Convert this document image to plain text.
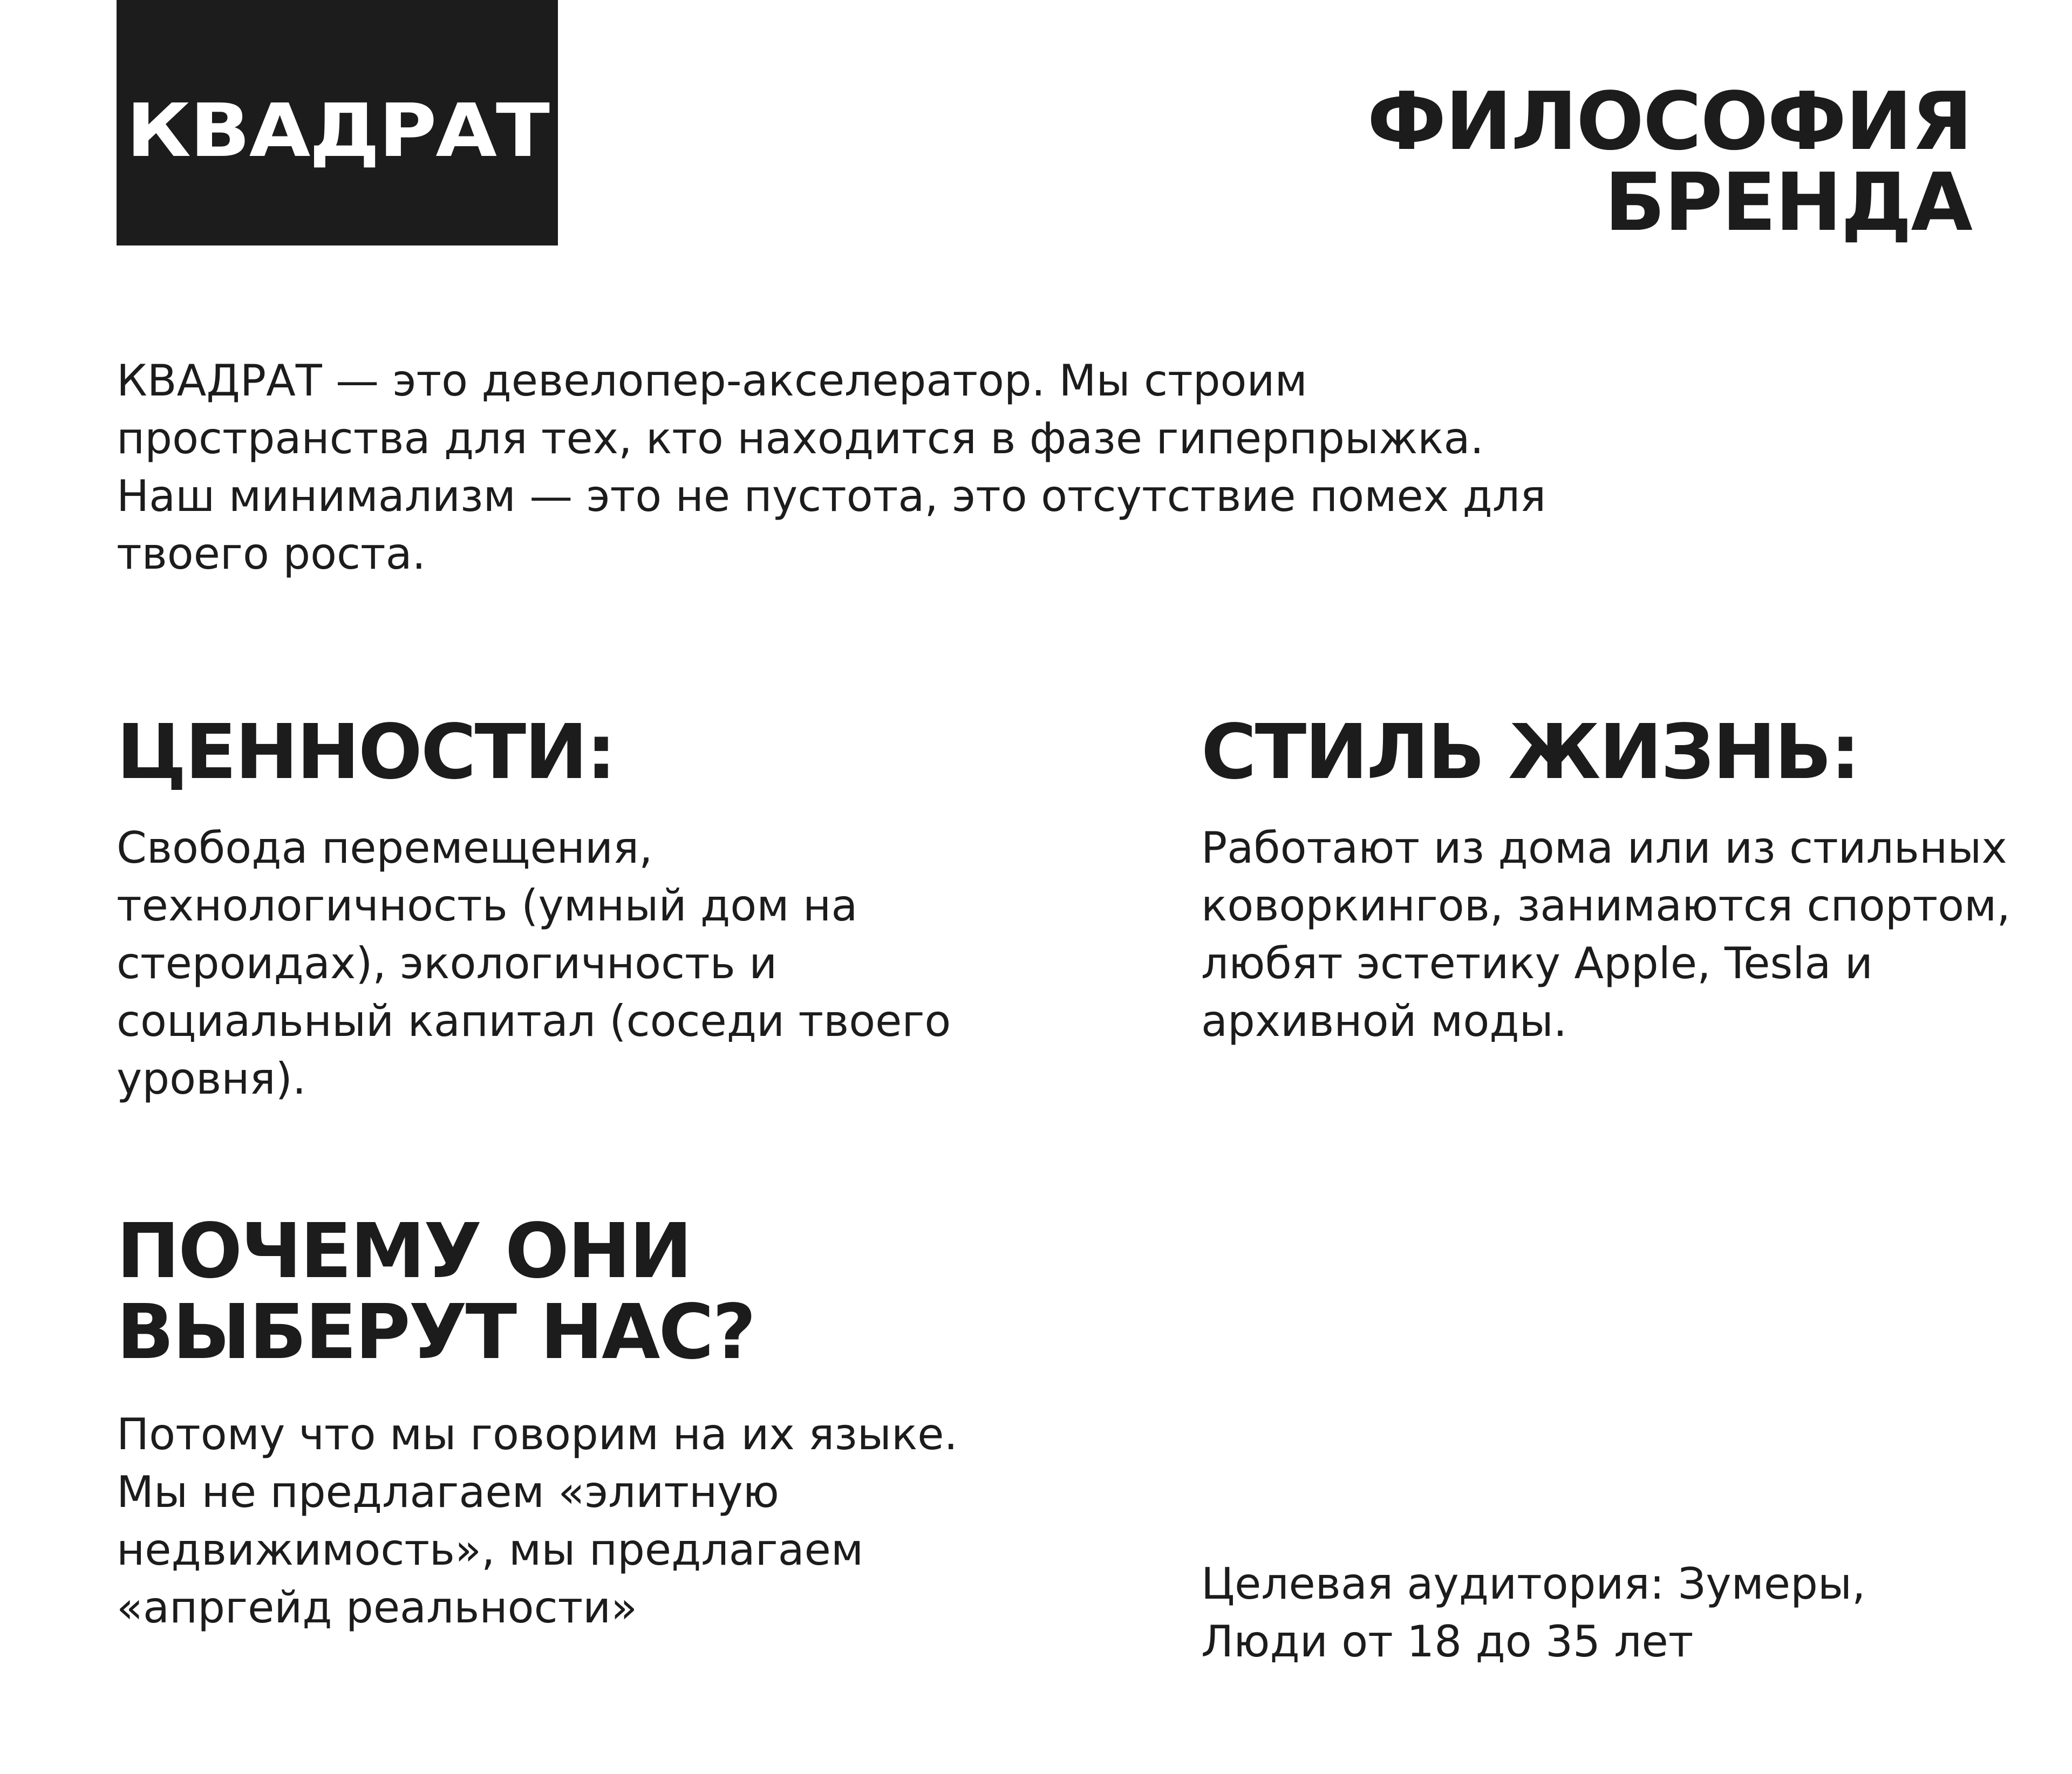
КВАДРАТ	ФИЛОСОФИЯ
БРЕНДА

КВАДРАТ — это девелопер-акселератор. Мы строим пространства для тех, кто находится в фазе гиперпрыжка. Наш минимализм — это не пустота, это отсутствие помех для твоего роста.

ЦЕННОСТИ:

Свобода перемещения, технологичность (умный дом на стероидах), экологичность и социальный капитал (соседи твоего уровня).

СТИЛЬ ЖИЗНЬ:

Работают из дома или из стильных коворкингов, занимаются спортом, любят эстетику Apple, Tesla и архивной моды.

ПОЧЕМУ ОНИ
ВЫБЕРУТ НАС?

Потому что мы говорим на их языке. Мы не предлагаем «элитную недвижимость», мы предлагаем «апргейд реальности»	Целевая аудитория: Зумеры,
Люди от 18 до 35 лет
